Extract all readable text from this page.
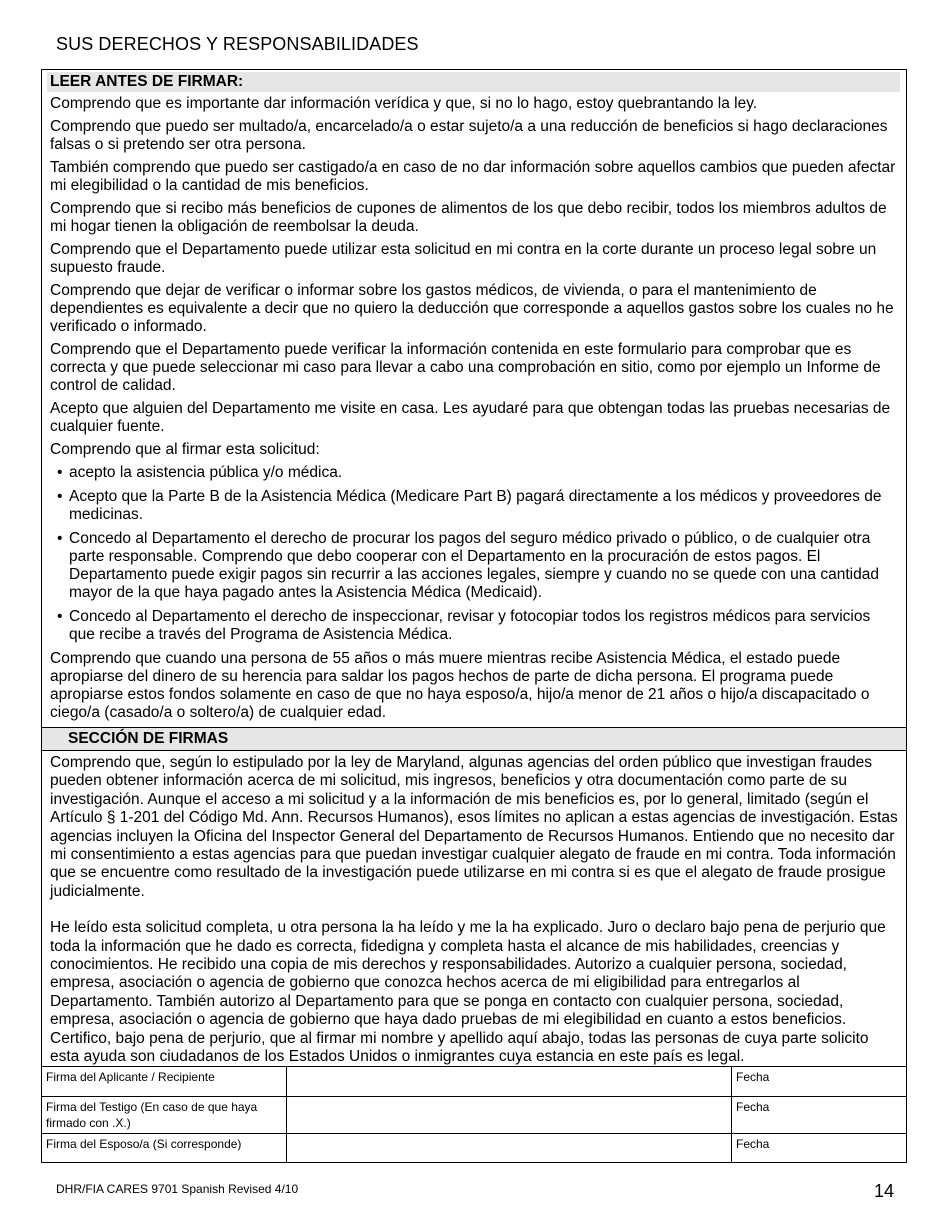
SUS DERECHOS Y RESPONSABILIDADES
LEER ANTES DE FIRMAR:

Comprendo que es importante dar información verídica y que, si no lo hago, estoy quebrantando la ley.

Comprendo que puedo ser multado/a, encarcelado/a o estar sujeto/a a una reducción de beneficios si hago declaraciones falsas o si pretendo ser otra persona.

También comprendo que puedo ser castigado/a en caso de no dar información sobre aquellos cambios que pueden afectar mi elegibilidad o la cantidad de mis beneficios.

Comprendo que si recibo más beneficios de cupones de alimentos de los que debo recibir, todos los miembros adultos de mi hogar tienen la obligación de reembolsar la deuda.

Comprendo que el Departamento puede utilizar esta solicitud en mi contra en la corte durante un proceso legal sobre un supuesto fraude.

Comprendo que dejar de verificar o informar sobre los gastos médicos, de vivienda, o para el mantenimiento de dependientes es equivalente a decir que no quiero la deducción que corresponde a aquellos gastos sobre los cuales no he verificado o informado.

Comprendo que el Departamento puede verificar la información contenida en este formulario para comprobar que es correcta y que puede seleccionar mi caso para llevar a cabo una comprobación en sitio, como por ejemplo un Informe de control de calidad.

Acepto que alguien del Departamento me visite en casa. Les ayudaré para que obtengan todas las pruebas necesarias de cualquier fuente.

Comprendo que al firmar esta solicitud:

• acepto la asistencia pública y/o médica.
• Acepto que la Parte B de la Asistencia Médica (Medicare Part B) pagará directamente a los médicos y proveedores de medicinas.
• Concedo al Departamento el derecho de procurar los pagos del seguro médico privado o público, o de cualquier otra parte responsable. Comprendo que debo cooperar con el Departamento en la procuración de estos pagos. El Departamento puede exigir pagos sin recurrir a las acciones legales, siempre y cuando no se quede con una cantidad mayor de la que haya pagado antes la Asistencia Médica (Medicaid).
• Concedo al Departamento el derecho de inspeccionar, revisar y fotocopiar todos los registros médicos para servicios que recibe a través del Programa de Asistencia Médica.

Comprendo que cuando una persona de 55 años o más muere mientras recibe Asistencia Médica, el estado puede apropiarse del dinero de su herencia para saldar los pagos hechos de parte de dicha persona. El programa puede apropiarse estos fondos solamente en caso de que no haya esposo/a, hijo/a menor de 21 años o hijo/a discapacitado o ciego/a (casado/a o soltero/a) de cualquier edad.

SECCIÓN DE FIRMAS

Comprendo que, según lo estipulado por la ley de Maryland, algunas agencias del orden público que investigan fraudes pueden obtener información acerca de mi solicitud, mis ingresos, beneficios y otra documentación como parte de su investigación. Aunque el acceso a mi solicitud y a la información de mis beneficios es, por lo general, limitado (según el Artículo § 1-201 del Código Md. Ann. Recursos Humanos), esos límites no aplican a estas agencias de investigación. Estas agencias incluyen la Oficina del Inspector General del Departamento de Recursos Humanos. Entiendo que no necesito dar mi consentimiento a estas agencias para que puedan investigar cualquier alegato de fraude en mi contra. Toda información que se encuentre como resultado de la investigación puede utilizarse en mi contra si es que el alegato de fraude prosigue judicialmente.

He leído esta solicitud completa, u otra persona la ha leído y me la ha explicado. Juro o declaro bajo pena de perjurio que toda la información que he dado es correcta, fidedigna y completa hasta el alcance de mis habilidades, creencias y conocimientos. He recibido una copia de mis derechos y responsabilidades. Autorizo a cualquier persona, sociedad, empresa, asociación o agencia de gobierno que conozca hechos acerca de mi eligibilidad para entregarlos al Departamento. También autorizo al Departamento para que se ponga en contacto con cualquier persona, sociedad, empresa, asociación o agencia de gobierno que haya dado pruebas de mi elegibilidad en cuanto a estos beneficios. Certifico, bajo pena de perjurio, que al firmar mi nombre y apellido aquí abajo, todas las personas de cuya parte solicito esta ayuda son ciudadanos de los Estados Unidos o inmigrantes cuya estancia en este país es legal.

Firma del Aplicante / Recipiente		Fecha
Firma del Testigo (En caso de que haya firmado con .X.)		Fecha
Firma del Esposo/a (Si corresponde)		Fecha
DHR/FIA CARES 9701 Spanish Revised 4/10	14
